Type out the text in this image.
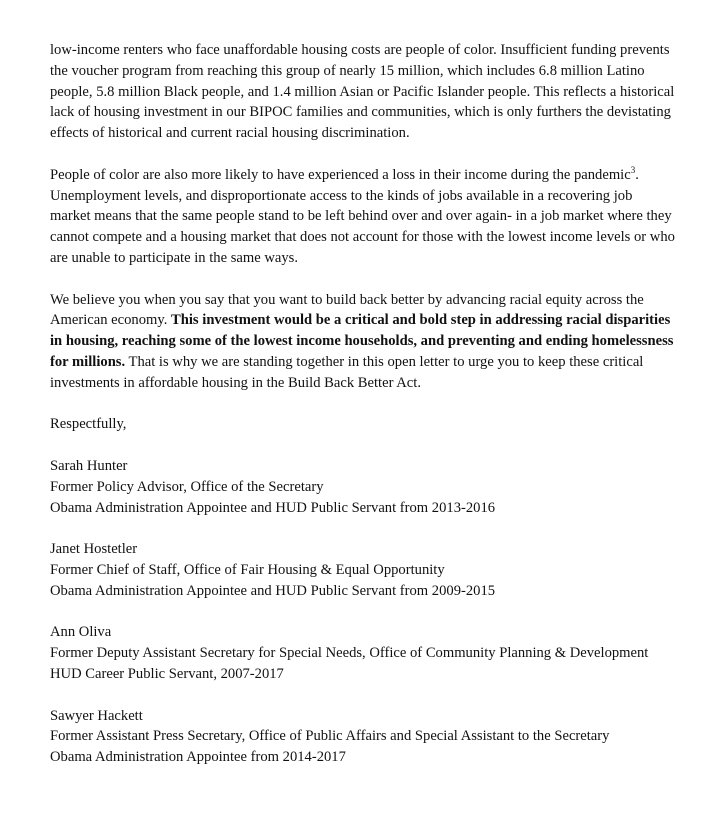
low-income renters who face unaffordable housing costs are people of color. Insufficient funding prevents the voucher program from reaching this group of nearly 15 million, which includes 6.8 million Latino people, 5.8 million Black people, and 1.4 million Asian or Pacific Islander people. This reflects a historical lack of housing investment in our BIPOC families and communities, which is only furthers the devistating effects of historical and current racial housing discrimination.

People of color are also more likely to have experienced a loss in their income during the pandemic$^3$. Unemployment levels, and disproportionate access to the kinds of jobs available in a recovering job market means that the same people stand to be left behind over and over again- in a job market where they cannot compete and a housing market that does not account for those with the lowest income levels or who are unable to participate in the same ways.

We believe you when you say that you want to build back better by advancing racial equity across the American economy. This investment would be a critical and bold step in addressing racial disparities in housing, reaching some of the lowest income households, and preventing and ending homelessness for millions. That is why we are standing together in this open letter to urge you to keep these critical investments in affordable housing in the Build Back Better Act.

Respectfully,

Sarah Hunter
Former Policy Advisor, Office of the Secretary
Obama Administration Appointee and HUD Public Servant from 2013-2016
Janet Hostetler
Former Chief of Staff, Office of Fair Housing & Equal Opportunity
Obama Administration Appointee and HUD Public Servant from 2009-2015
Ann Oliva
Former Deputy Assistant Secretary for Special Needs, Office of Community Planning & Development
HUD Career Public Servant, 2007-2017
Sawyer Hackett
Former Assistant Press Secretary, Office of Public Affairs and Special Assistant to the Secretary
Obama Administration Appointee from 2014-2017
